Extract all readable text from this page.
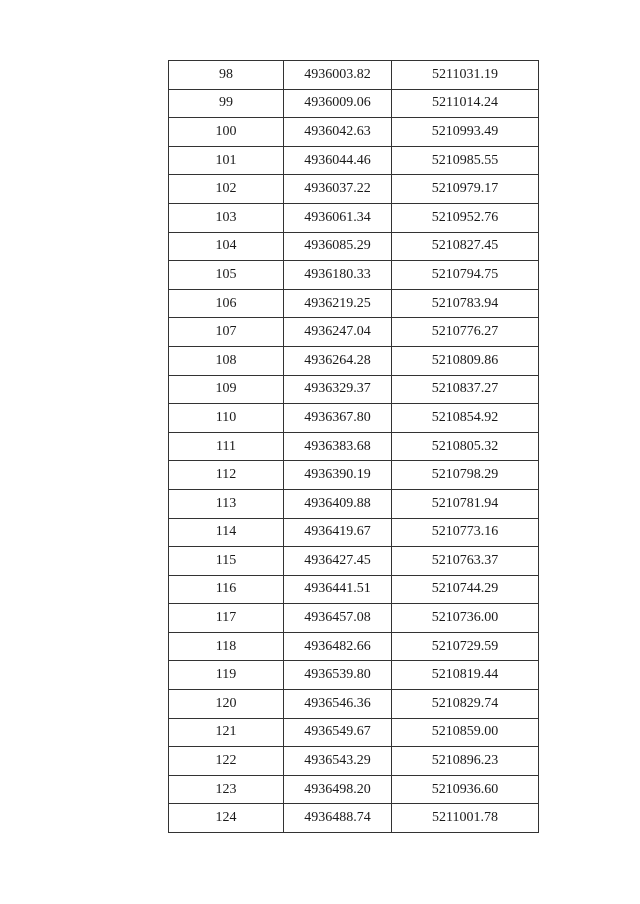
98	4936003.82	5211031.19
99	4936009.06	5211014.24
100	4936042.63	5210993.49
101	4936044.46	5210985.55
102	4936037.22	5210979.17
103	4936061.34	5210952.76
104	4936085.29	5210827.45
105	4936180.33	5210794.75
106	4936219.25	5210783.94
107	4936247.04	5210776.27
108	4936264.28	5210809.86
109	4936329.37	5210837.27
110	4936367.80	5210854.92
111	4936383.68	5210805.32
112	4936390.19	5210798.29
113	4936409.88	5210781.94
114	4936419.67	5210773.16
115	4936427.45	5210763.37
116	4936441.51	5210744.29
117	4936457.08	5210736.00
118	4936482.66	5210729.59
119	4936539.80	5210819.44
120	4936546.36	5210829.74
121	4936549.67	5210859.00
122	4936543.29	5210896.23
123	4936498.20	5210936.60
124	4936488.74	5211001.78
